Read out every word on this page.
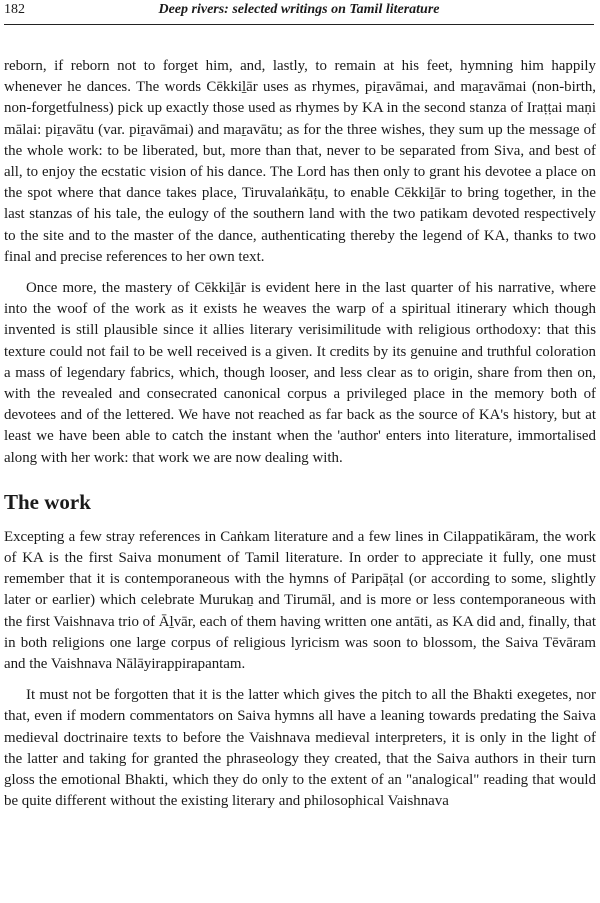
182	Deep rivers: selected writings on Tamil literature

reborn, if reborn not to forget him, and, lastly, to remain at his feet, hymning him happily whenever he dances. The words Cēkkiḻār uses as rhymes, piṟavāmai, and maṟavāmai (non-birth, non-forgetfulness) pick up exactly those used as rhymes by KA in the second stanza of Iraṭṭai maṇi mālai: piṟavātu (var. piṟavāmai) and maṟavātu; as for the three wishes, they sum up the message of the whole work: to be liberated, but, more than that, never to be separated from Siva, and best of all, to enjoy the ecstatic vision of his dance. The Lord has then only to grant his devotee a place on the spot where that dance takes place, Tiruvalaṅkāṭu, to enable Cēkkiḻār to bring together, in the last stanzas of his tale, the eulogy of the southern land with the two patikam devoted respectively to the site and to the master of the dance, authenticating thereby the legend of KA, thanks to two final and precise references to her own text.

Once more, the mastery of Cēkkiḻār is evident here in the last quarter of his narrative, where into the woof of the work as it exists he weaves the warp of a spiritual itinerary which though invented is still plausible since it allies literary verisimilitude with religious orthodoxy: that this texture could not fail to be well received is a given. It credits by its genuine and truthful coloration a mass of legendary fabrics, which, though looser, and less clear as to origin, share from then on, with the revealed and consecrated canonical corpus a privileged place in the memory both of devotees and of the lettered. We have not reached as far back as the source of KA's history, but at least we have been able to catch the instant when the 'author' enters into literature, immortalised along with her work: that work we are now dealing with.

The work

Excepting a few stray references in Caṅkam literature and a few lines in Cilappatikāram, the work of KA is the first Saiva monument of Tamil literature. In order to appreciate it fully, one must remember that it is contemporaneous with the hymns of Paripāṭal (or according to some, slightly later or earlier) which celebrate Murukaṉ and Tirumāl, and is more or less contemporaneous with the first Vaishnava trio of Āḻvār, each of them having written one antāti, as KA did and, finally, that in both religions one large corpus of religious lyricism was soon to blossom, the Saiva Tēvāram and the Vaishnava Nālāyirappirapantam.

It must not be forgotten that it is the latter which gives the pitch to all the Bhakti exegetes, nor that, even if modern commentators on Saiva hymns all have a leaning towards predating the Saiva medieval doctrinaire texts to before the Vaishnava medieval interpreters, it is only in the light of the latter and taking for granted the phraseology they created, that the Saiva authors in their turn gloss the emotional Bhakti, which they do only to the extent of an "analogical" reading that would be quite different without the existing literary and philosophical Vaishnava
